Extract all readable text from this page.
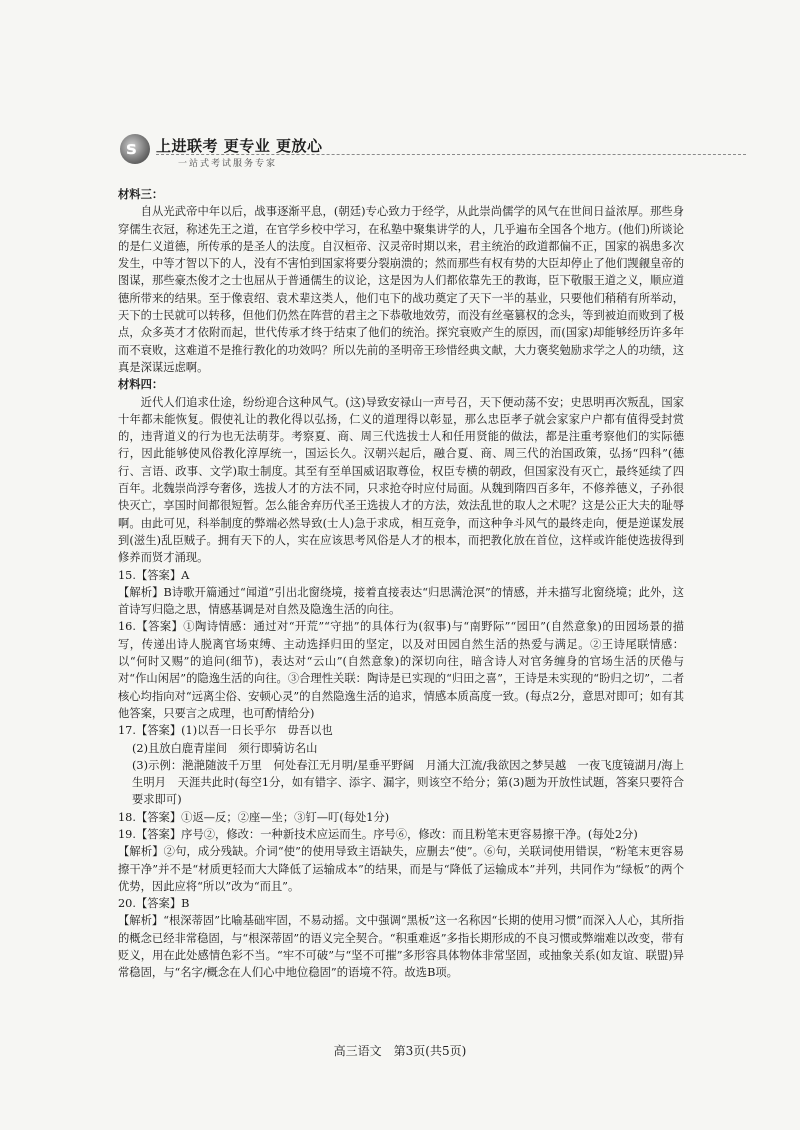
s 上进联考 更专业 更放心
一站式考试服务专家

材料三：

自从光武帝中年以后，战事逐渐平息，(朝廷)专心致力于经学，从此崇尚儒学的风气在世间日益浓厚。那些身穿儒生衣冠，称述先王之道，在官学乡校中学习，在私塾中聚集讲学的人，几乎遍布全国各个地方。(他们)所谈论的是仁义道德，所传承的是圣人的法度。自汉桓帝、汉灵帝时期以来，君主统治的政道都偏不正，国家的祸患多次发生，中等才智以下的人，没有不害怕到国家将要分裂崩溃的；然而那些有权有势的大臣却停止了他们觊觎皇帝的图谋，那些豪杰俊才之士也屈从于普通儒生的议论，这是因为人们都依靠先王的教诲，臣下敬服王道之义，顺应道德所带来的结果。至于像袁绍、袁术辈这类人，他们屯下的战功奠定了天下一半的基业，只要他们稍稍有所举动，天下的士民就可以转移，但他们仍然在阵营的君主之下恭敬地效劳，而没有丝毫篡权的念头，等到被迫而败到了极点，众多英才才依附而起，世代传承才终于结束了他们的统治。探究衰败产生的原因，而(国家)却能够经历许多年而不衰败，这难道不是推行教化的功效吗？所以先前的圣明帝王珍惜经典文献，大力褒奖勉励求学之人的功绩，这真是深谋远虑啊。

材料四：

近代人们追求仕途，纷纷迎合这种风气。(这)导致安禄山一声号召，天下便动荡不安；史思明再次叛乱，国家十年都未能恢复。假使礼让的教化得以弘扬，仁义的道理得以彰显，那么忠臣孝子就会家家户户都有值得受封赏的，违背道义的行为也无法萌芽。考察夏、商、周三代选拔士人和任用贤能的做法，都是注重考察他们的实际德行，因此能够使风俗教化淳厚统一，国运长久。汉朝兴起后，融合夏、商、周三代的治国政策，弘扬“四科”(德行、言语、政事、文学)取士制度。其至有至单国威诏取尊俭，权臣专横的朝政，但国家没有灭亡，最终延续了四百年。北魏崇尚浮夸奢侈，选拔人才的方法不同，只求抢夺时应付局面。从魏到隋四百多年，不修养德义，子孙很快灭亡，享国时间都很短暂。怎么能舍弃历代圣王选拔人才的方法，效法乱世的取人之术呢？这是公正大夫的耻辱啊。由此可见，科举制度的弊端必然导致(士人)急于求成，相互竞争，而这种争斗风气的最终走向，便是逆谋发展到(滋生)乱臣贼子。拥有天下的人，实在应该思考风俗是人才的根本，而把教化放在首位，这样或许能使选拔得到修养而贤才涌现。

15.【答案】A

【解析】B诗歌开篇通过“闻道”引出北窗绕境，接着直接表达“归思满沧溟”的情感，并未描写北窗绕境；此外，这首诗写归隐之思，情感基调是对自然及隐逸生活的向往。

16.【答案】①陶诗情感：通过对“开荒”“守拙”的具体行为(叙事)与“南野际”“园田”(自然意象)的田园场景的描写，传递出诗人脱离官场束缚、主动选择归田的坚定，以及对田园自然生活的热爱与满足。②王诗尾联情感：以“何时又赐”的追问(细节)，表达对“云山”(自然意象)的深切向往，暗含诗人对官务缠身的官场生活的厌倦与对“作山闲居”的隐逸生活的向往。③合理性关联：陶诗是已实现的“归田之喜”，王诗是未实现的“盼归之切”，二者核心均指向对“远离尘俗、安顿心灵”的自然隐逸生活的追求，情感本质高度一致。(每点2分，意思对即可；如有其他答案，只要言之成理，也可酌情给分)

17.【答案】(1)以吾一日长乎尔　毋吾以也

(2)且放白鹿青崖间　须行即骑访名山

(3)示例：滟滟随波千万里　何处春江无月明/星垂平野阔　月涌大江流/我欲因之梦吴越　一夜飞度镜湖月/海上生明月　天涯共此时(每空1分，如有错字、添字、漏字，则该空不给分；第(3)题为开放性试题，答案只要符合要求即可)

18.【答案】①返—反；②座—坐；③钉—叮(每处1分)

19.【答案】序号②，修改：一种新技术应运而生。序号⑥，修改：而且粉笔末更容易擦干净。(每处2分)

【解析】②句，成分残缺。介词“使”的使用导致主语缺失，应删去“使”。⑥句，关联词使用错误，“粉笔末更容易擦干净”并不是“材质更轻而大大降低了运输成本”的结果，而是与“降低了运输成本”并列，共同作为“绿板”的两个优势，因此应将“所以”改为“而且”。

20.【答案】B

【解析】“根深蒂固”比喻基础牢固，不易动摇。文中强调“黑板”这一名称因“长期的使用习惯”而深入人心，其所指的概念已经非常稳固，与“根深蒂固”的语义完全契合。“积重难返”多指长期形成的不良习惯或弊端难以改变，带有贬义，用在此处感情色彩不当。“牢不可破”与“坚不可摧”多形容具体物体非常坚固，或抽象关系(如友谊、联盟)异常稳固，与“名字/概念在人们心中地位稳固”的语境不符。故选B项。

高三语文　第3页(共5页)
